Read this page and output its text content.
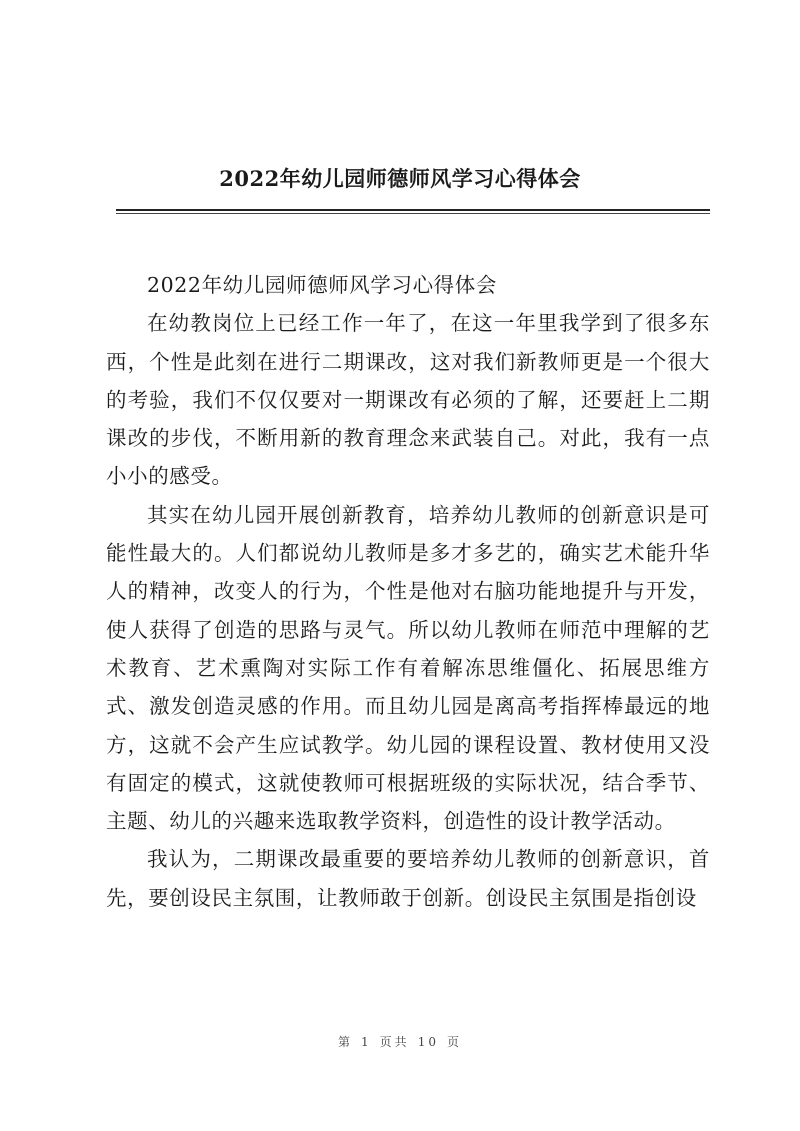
2022年幼儿园师德师风学习心得体会

2022年幼儿园师德师风学习心得体会

在幼教岗位上已经工作一年了，在这一年里我学到了很多东西，个性是此刻在进行二期课改，这对我们新教师更是一个很大的考验，我们不仅仅要对一期课改有必须的了解，还要赶上二期课改的步伐，不断用新的教育理念来武装自己。对此，我有一点小小的感受。

其实在幼儿园开展创新教育，培养幼儿教师的创新意识是可能性最大的。人们都说幼儿教师是多才多艺的，确实艺术能升华人的精神，改变人的行为，个性是他对右脑功能地提升与开发，使人获得了创造的思路与灵气。所以幼儿教师在师范中理解的艺术教育、艺术熏陶对实际工作有着解冻思维僵化、拓展思维方式、激发创造灵感的作用。而且幼儿园是离高考指挥棒最远的地方，这就不会产生应试教学。幼儿园的课程设置、教材使用又没有固定的模式，这就使教师可根据班级的实际状况，结合季节、主题、幼儿的兴趣来选取教学资料，创造性的设计教学活动。

我认为，二期课改最重要的要培养幼儿教师的创新意识，首先，要创设民主氛围，让教师敢于创新。创设民主氛围是指创设

第 1 页共 10 页
